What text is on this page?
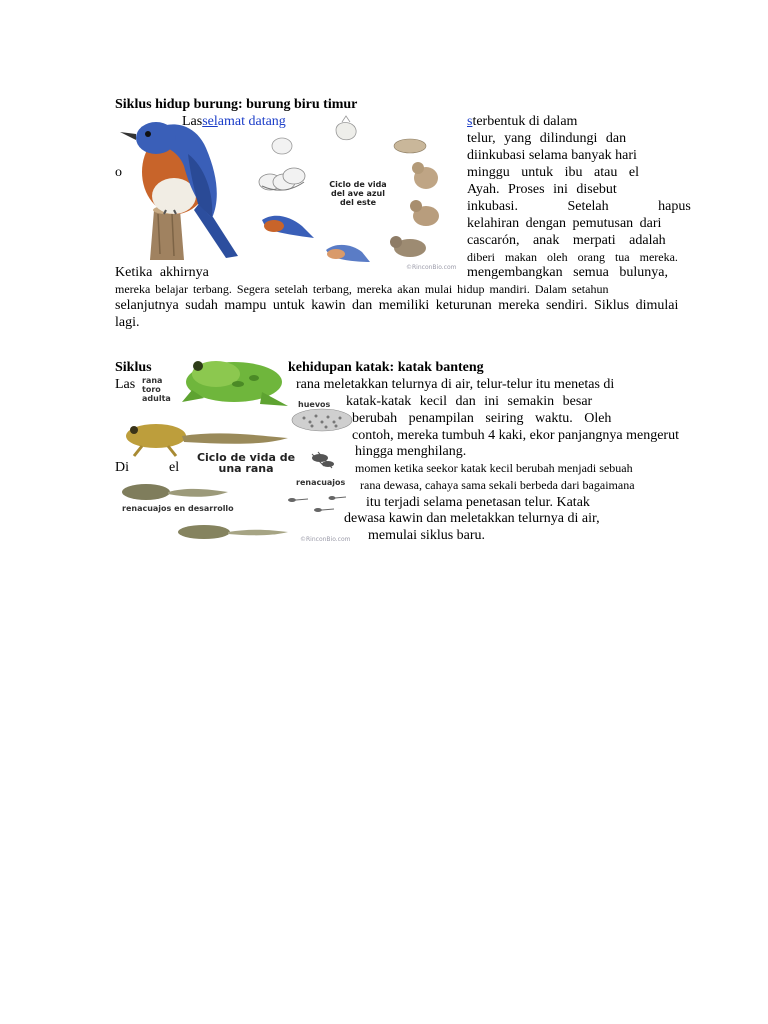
Siklus hidup burung: burung biru timur
Ciclo de vida
del ave azul
del este
©RinconBio.com
Lasselamat datang	sterbentuk di dalam
telur, yang dilindungi dan
diinkubasi selama banyak hari
o	minggu untuk ibu atau el
Ayah. Proses ini disebut
inkubasi. Setelah hapus
kelahiran dengan pemutusan dari
cascarón, anak merpati adalah
diberi makan oleh orang tua mereka.
Ketika akhirnya	mengembangkan semua bulunya,
mereka belajar terbang. Segera setelah terbang, mereka akan mulai hidup mandiri. Dalam setahun
selanjutnya sudah mampu untuk kawin dan memiliki keturunan mereka sendiri. Siklus dimulai
lagi.
Siklus	kehidupan katak: katak banteng
rana
toro
adulta
huevos
Ciclo de vida de
una rana
renacuajos
renacuajos en desarrollo
©RinconBio.com
Las	rana meletakkan telurnya di air, telur-telur itu menetas di
katak-katak kecil dan ini semakin besar
berubah penampilan seiring waktu. Oleh
contoh, mereka tumbuh 4 kaki, ekor panjangnya mengerut
hingga menghilang.
Di	el	momen ketika seekor katak kecil berubah menjadi sebuah
rana dewasa, cahaya sama sekali berbeda dari bagaimana
itu terjadi selama penetasan telur. Katak
dewasa kawin dan meletakkan telurnya di air,
memulai siklus baru.
